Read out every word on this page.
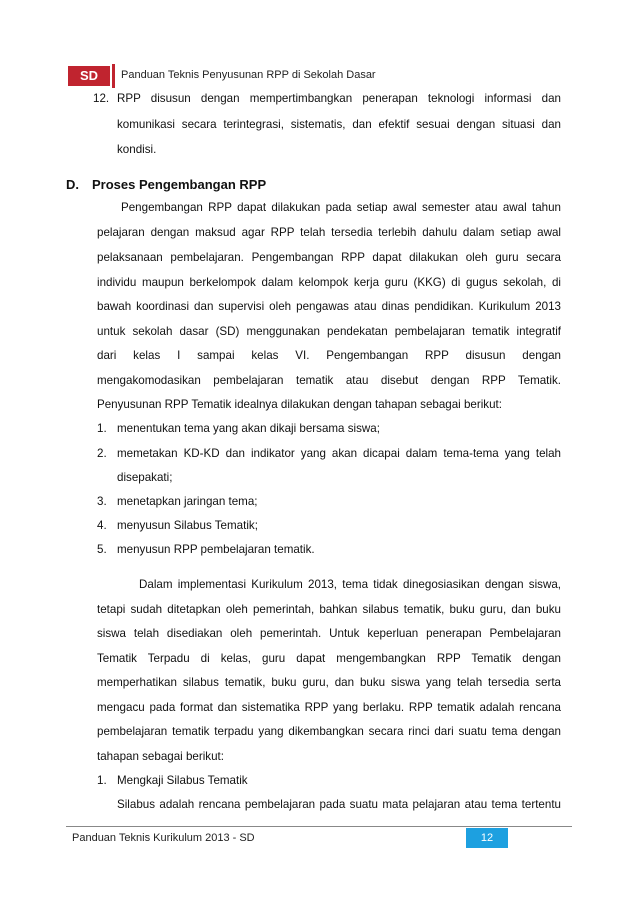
SD	Panduan Teknis Penyusunan RPP di Sekolah Dasar
12. RPP disusun dengan mempertimbangkan penerapan teknologi informasi dan
komunikasi secara terintegrasi, sistematis, dan efektif sesuai dengan situasi dan
kondisi.
D. Proses Pengembangan RPP
Pengembangan RPP dapat dilakukan pada setiap awal semester atau awal tahun
pelajaran dengan maksud agar RPP telah tersedia terlebih dahulu dalam setiap awal
pelaksanaan pembelajaran. Pengembangan RPP dapat dilakukan oleh guru secara
individu maupun berkelompok dalam kelompok kerja guru (KKG) di gugus sekolah, di
bawah koordinasi dan supervisi oleh pengawas atau dinas pendidikan. Kurikulum 2013
untuk sekolah dasar (SD) menggunakan pendekatan pembelajaran tematik integratif
dari kelas I sampai kelas VI. Pengembangan RPP disusun dengan
mengakomodasikan pembelajaran tematik atau disebut dengan RPP Tematik.
Penyusunan RPP Tematik idealnya dilakukan dengan tahapan sebagai berikut:
1. menentukan tema yang akan dikaji bersama siswa;
2. memetakan KD-KD dan indikator yang akan dicapai dalam tema-tema yang telah
disepakati;
3. menetapkan jaringan tema;
4. menyusun Silabus Tematik;
5. menyusun RPP pembelajaran tematik.
Dalam implementasi Kurikulum 2013, tema tidak dinegosiasikan dengan siswa,
tetapi sudah ditetapkan oleh pemerintah, bahkan silabus tematik, buku guru, dan buku
siswa telah disediakan oleh pemerintah. Untuk keperluan penerapan Pembelajaran
Tematik Terpadu di kelas, guru dapat mengembangkan RPP Tematik dengan
memperhatikan silabus tematik, buku guru, dan buku siswa yang telah tersedia serta
mengacu pada format dan sistematika RPP yang berlaku. RPP tematik adalah rencana
pembelajaran tematik terpadu yang dikembangkan secara rinci dari suatu tema dengan
tahapan sebagai berikut:
1. Mengkaji Silabus Tematik
Silabus adalah rencana pembelajaran pada suatu mata pelajaran atau tema tertentu
Panduan Teknis Kurikulum 2013 - SD	12
